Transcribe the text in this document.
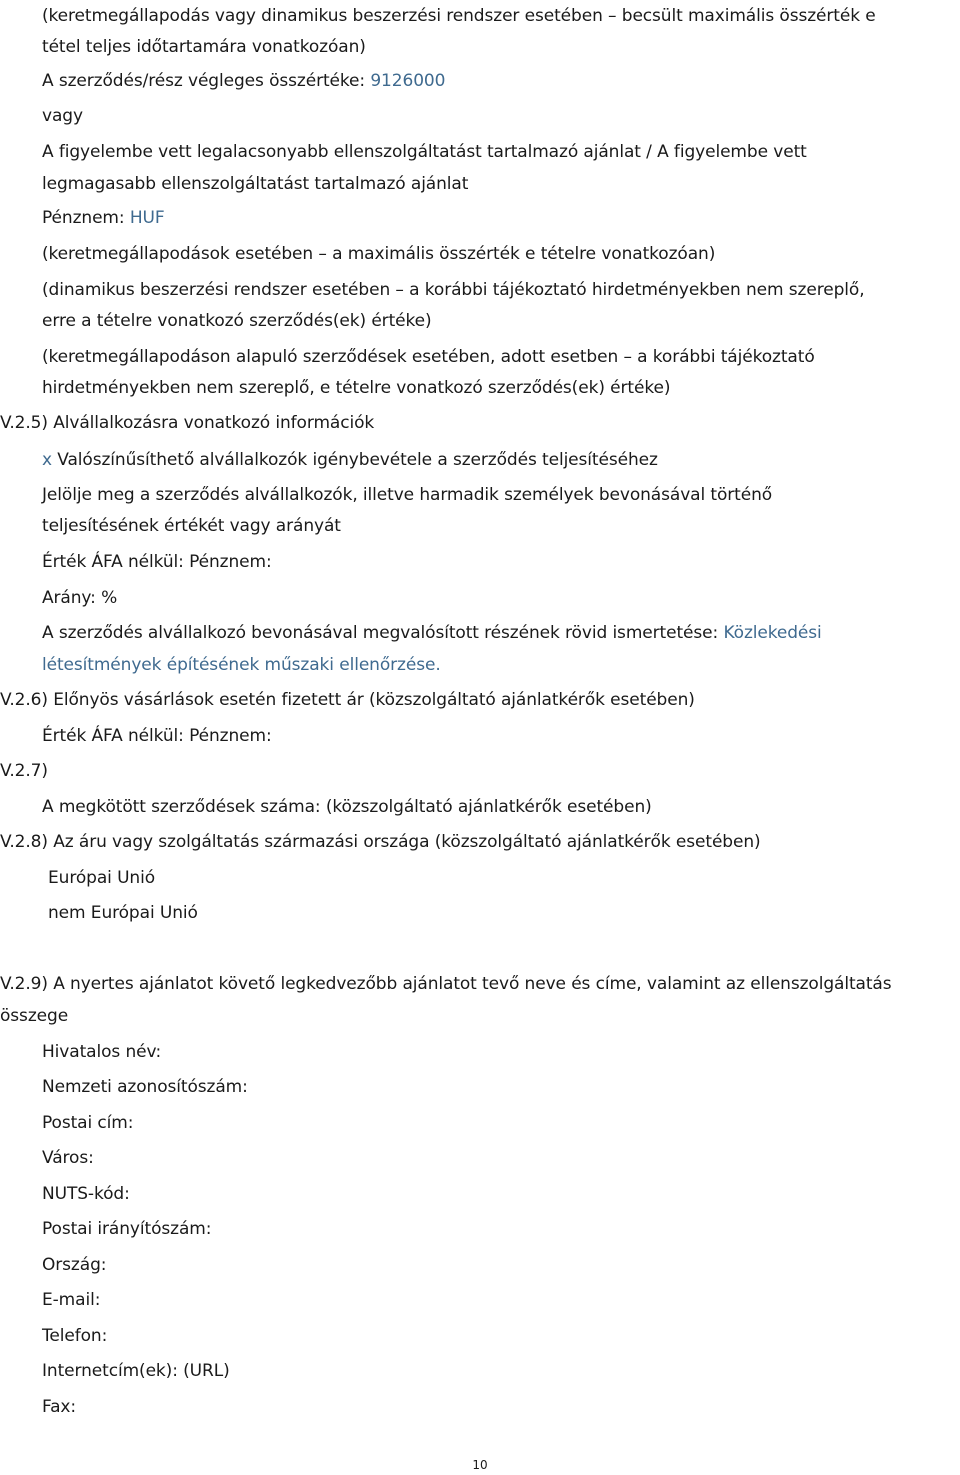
(keretmegállapodás vagy dinamikus beszerzési rendszer esetében – becsült maximális összérték e
tétel teljes időtartamára vonatkozóan)
A szerződés/rész végleges összértéke: 9126000
vagy
A figyelembe vett legalacsonyabb ellenszolgáltatást tartalmazó ajánlat / A figyelembe vett
legmagasabb ellenszolgáltatást tartalmazó ajánlat
Pénznem: HUF
(keretmegállapodások esetében – a maximális összérték e tételre vonatkozóan)
(dinamikus beszerzési rendszer esetében – a korábbi tájékoztató hirdetményekben nem szereplő,
erre a tételre vonatkozó szerződés(ek) értéke)
(keretmegállapodáson alapuló szerződések esetében, adott esetben – a korábbi tájékoztató
hirdetményekben nem szereplő, e tételre vonatkozó szerződés(ek) értéke)
V.2.5) Alvállalkozásra vonatkozó információk
x Valószínűsíthető alvállalkozók igénybevétele a szerződés teljesítéséhez
Jelölje meg a szerződés alvállalkozók, illetve harmadik személyek bevonásával történő
teljesítésének értékét vagy arányát
Érték ÁFA nélkül: Pénznem:
Arány: %
A szerződés alvállalkozó bevonásával megvalósított részének rövid ismertetése: Közlekedési
létesítmények építésének műszaki ellenőrzése.
V.2.6) Előnyös vásárlások esetén fizetett ár (közszolgáltató ajánlatkérők esetében)
Érték ÁFA nélkül: Pénznem:
V.2.7)
A megkötött szerződések száma: (közszolgáltató ajánlatkérők esetében)
V.2.8) Az áru vagy szolgáltatás származási országa (közszolgáltató ajánlatkérők esetében)
Európai Unió
nem Európai Unió
V.2.9) A nyertes ajánlatot követő legkedvezőbb ajánlatot tevő neve és címe, valamint az ellenszolgáltatás
összege
Hivatalos név:
Nemzeti azonosítószám:
Postai cím:
Város:
NUTS-kód:
Postai irányítószám:
Ország:
E-mail:
Telefon:
Internetcím(ek): (URL)
Fax:
10
